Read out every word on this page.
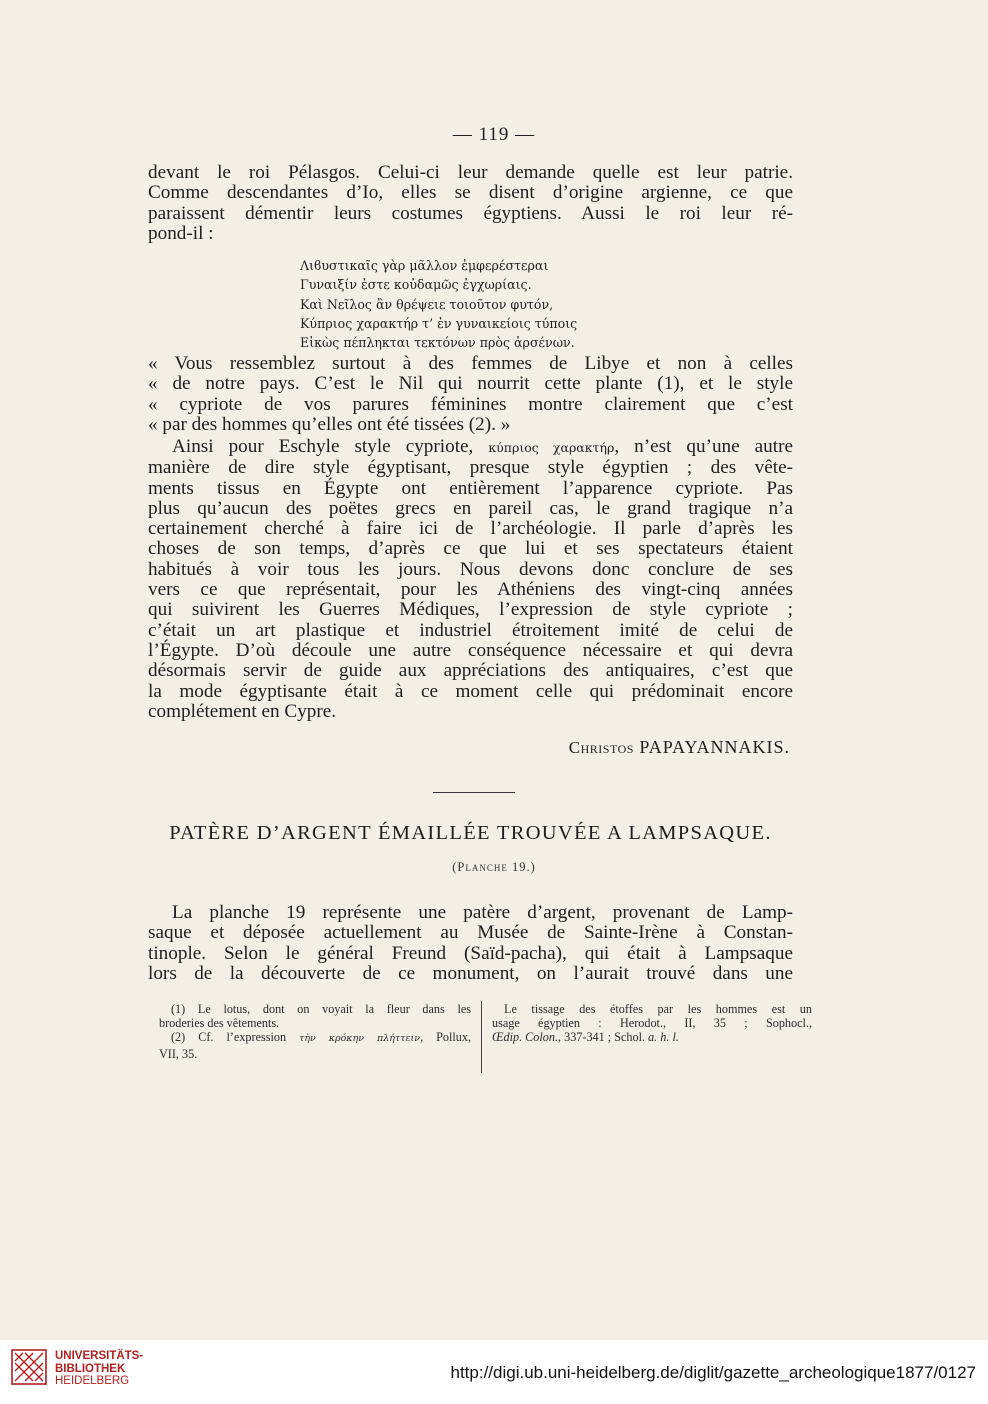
— 119 —
devant le roi Pélasgos. Celui-ci leur demande quelle est leur patrie.
Comme descendantes d’Io, elles se disent d’origine argienne, ce que
paraissent démentir leurs costumes égyptiens. Aussi le roi leur ré-
pond-il :
Λιϐυστικαῖς γὰρ μᾶλλον ἐμφερέστεραι
Γυναιξίν ἐστε κοὐδαμῶς ἐγχωρίαις.
Καὶ Νεῖλος ἂν θρέψειε τοιοῦτον φυτόν,
Κύπριος χαρακτήρ τ’ ἐν γυναικείοις τύποις
Εἰκὼς πέπληκται τεκτόνων πρὸς ἀρσένων.
« Vous ressemblez surtout à des femmes de Libye et non à celles
« de notre pays. C’est le Nil qui nourrit cette plante (1), et le style
« cypriote de vos parures féminines montre clairement que c’est
« par des hommes qu’elles ont été tissées (2). »
Ainsi pour Eschyle style cypriote, κύπριος χαρακτήρ, n’est qu’une autre
manière de dire style égyptisant, presque style égyptien ; des vête-
ments tissus en Égypte ont entièrement l’apparence cypriote. Pas
plus qu’aucun des poëtes grecs en pareil cas, le grand tragique n’a
certainement cherché à faire ici de l’archéologie. Il parle d’après les
choses de son temps, d’après ce que lui et ses spectateurs étaient
habitués à voir tous les jours. Nous devons donc conclure de ses
vers ce que représentait, pour les Athéniens des vingt-cinq années
qui suivirent les Guerres Médiques, l’expression de style cypriote ;
c’était un art plastique et industriel étroitement imité de celui de
l’Égypte. D’où découle une autre conséquence nécessaire et qui devra
désormais servir de guide aux appréciations des antiquaires, c’est que
la mode égyptisante était à ce moment celle qui prédominait encore
complétement en Cypre.
Christos PAPAYANNAKIS.
PATÈRE D’ARGENT ÉMAILLÉE TROUVÉE A LAMPSAQUE.
(Planche 19.)
La planche 19 représente une patère d’argent, provenant de Lamp-
saque et déposée actuellement au Musée de Sainte-Irène à Constan-
tinople. Selon le général Freund (Saïd-pacha), qui était à Lampsaque
lors de la découverte de ce monument, on l’aurait trouvé dans une
(1) Le lotus, dont on voyait la fleur dans les
broderies des vêtements.
(2) Cf. l’expression τὴν κρόκην πλήττειν, Pollux,
VII, 35.
Le tissage des étoffes par les hommes est un
usage égyptien : Herodot., II, 35 ; Sophocl.,
Œdip. Colon., 337-341 ; Schol. a. h. l.
UNIVERSITÄTS-
BIBLIOTHEK
HEIDELBERG	http://digi.ub.uni-heidelberg.de/diglit/gazette_archeologique1877/0127
